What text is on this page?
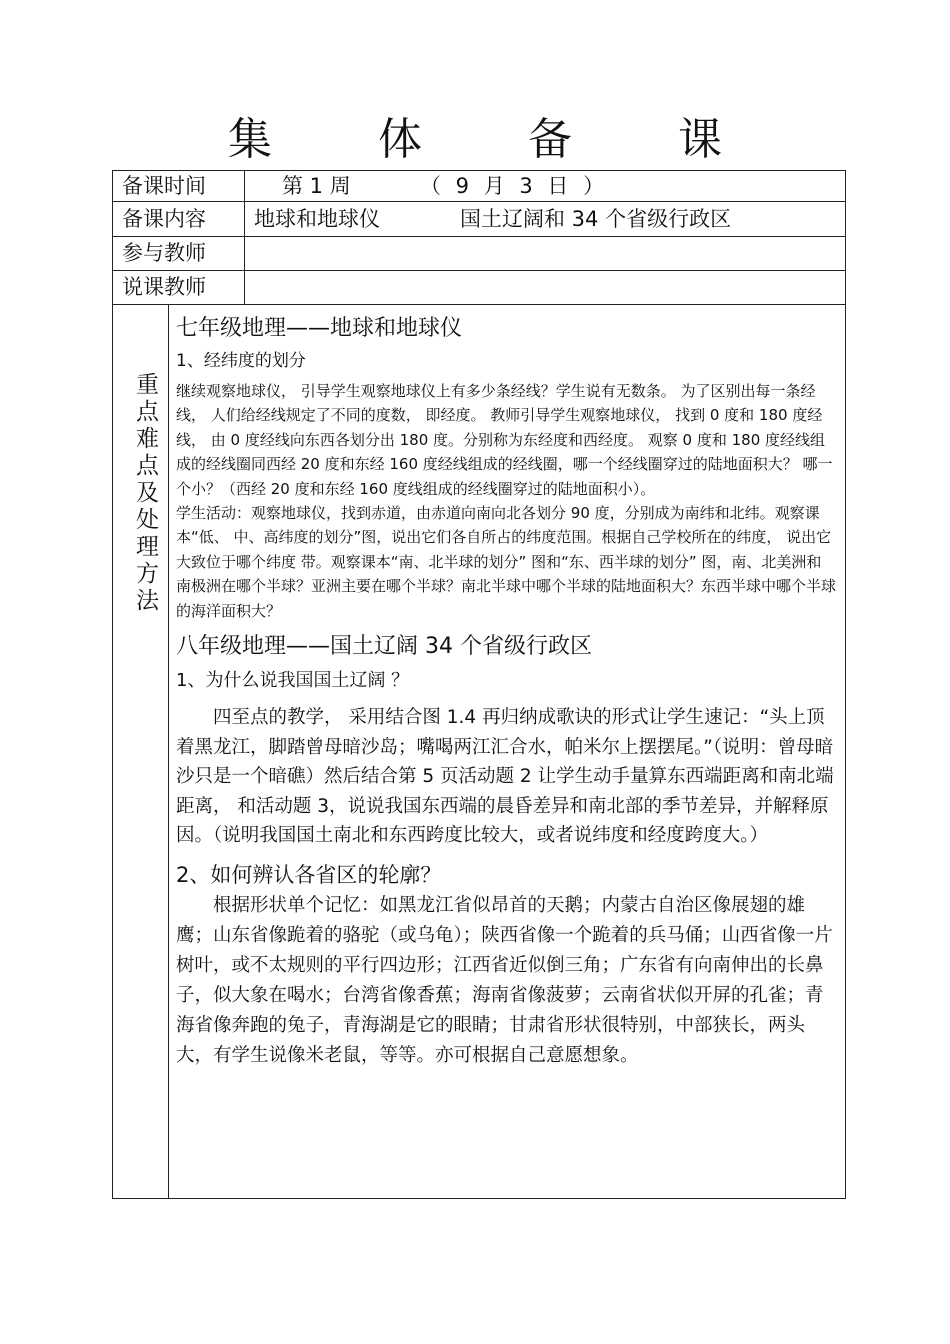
集 体 备 课
备课时间	第 1 周	（ 9 月 3 日 ）
备课内容 地球和地球仪	国土辽阔和 34 个省级行政区
参与教师
说课教师
重点难点及处理方法

七年级地理——地球和地球仪

1、经纬度的划分

继续观察地球仪， 引导学生观察地球仪上有多少条经线？学生说有无数条。 为了区别出每一条经线， 人们给经线规定了不同的度数， 即经度。 教师引导学生观察地球仪， 找到 0 度和 180 度经线， 由 0 度经线向东西各划分出 180 度。分别称为东经度和西经度。 观察 0 度和 180 度经线组成的经线圈同西经 20 度和东经 160 度经线组成的经线圈，哪一个经线圈穿过的陆地面积大？ 哪一个小？（西经 20 度和东经 160 度线组成的经线圈穿过的陆地面积小）。

学生活动：观察地球仪，找到赤道，由赤道向南向北各划分 90 度，分别成为南纬和北纬。观察课本“低、 中、高纬度的划分”图，说出它们各自所占的纬度范围。根据自己学校所在的纬度， 说出它大致位于哪个纬度 带。观察课本“南、北半球的划分” 图和“东、西半球的划分” 图，南、北美洲和南极洲在哪个半球？亚洲主要在哪个半球？南北半球中哪个半球的陆地面积大？东西半球中哪个半球的海洋面积大？

八年级地理——国土辽阔 34 个省级行政区

1、为什么说我国国土辽阔 ？

四至点的教学， 采用结合图 1.4 再归纳成歌诀的形式让学生速记：“头上顶着黑龙江，脚踏曾母暗沙岛；嘴喝两江汇合水，帕米尔上摆摆尾。”（说明：曾母暗沙只是一个暗礁）然后结合第 5 页活动题 2 让学生动手量算东西端距离和南北端距离， 和活动题 3，说说我国东西端的晨昏差异和南北部的季节差异，并解释原因。（说明我国国土南北和东西跨度比较大，或者说纬度和经度跨度大。）

2、如何辨认各省区的轮廓？

根据形状单个记忆：如黑龙江省似昂首的天鹅；内蒙古自治区像展翅的雄鹰；山东省像跪着的骆驼（或乌龟）；陕西省像一个跪着的兵马俑；山西省像一片树叶，或不太规则的平行四边形；江西省近似倒三角；广东省有向南伸出的长鼻子，似大象在喝水；台湾省像香蕉；海南省像菠萝；云南省状似开屏的孔雀；青海省像奔跑的兔子，青海湖是它的眼睛；甘肃省形状很特别，中部狭长，两头大，有学生说像米老鼠，等等。亦可根据自己意愿想象。
